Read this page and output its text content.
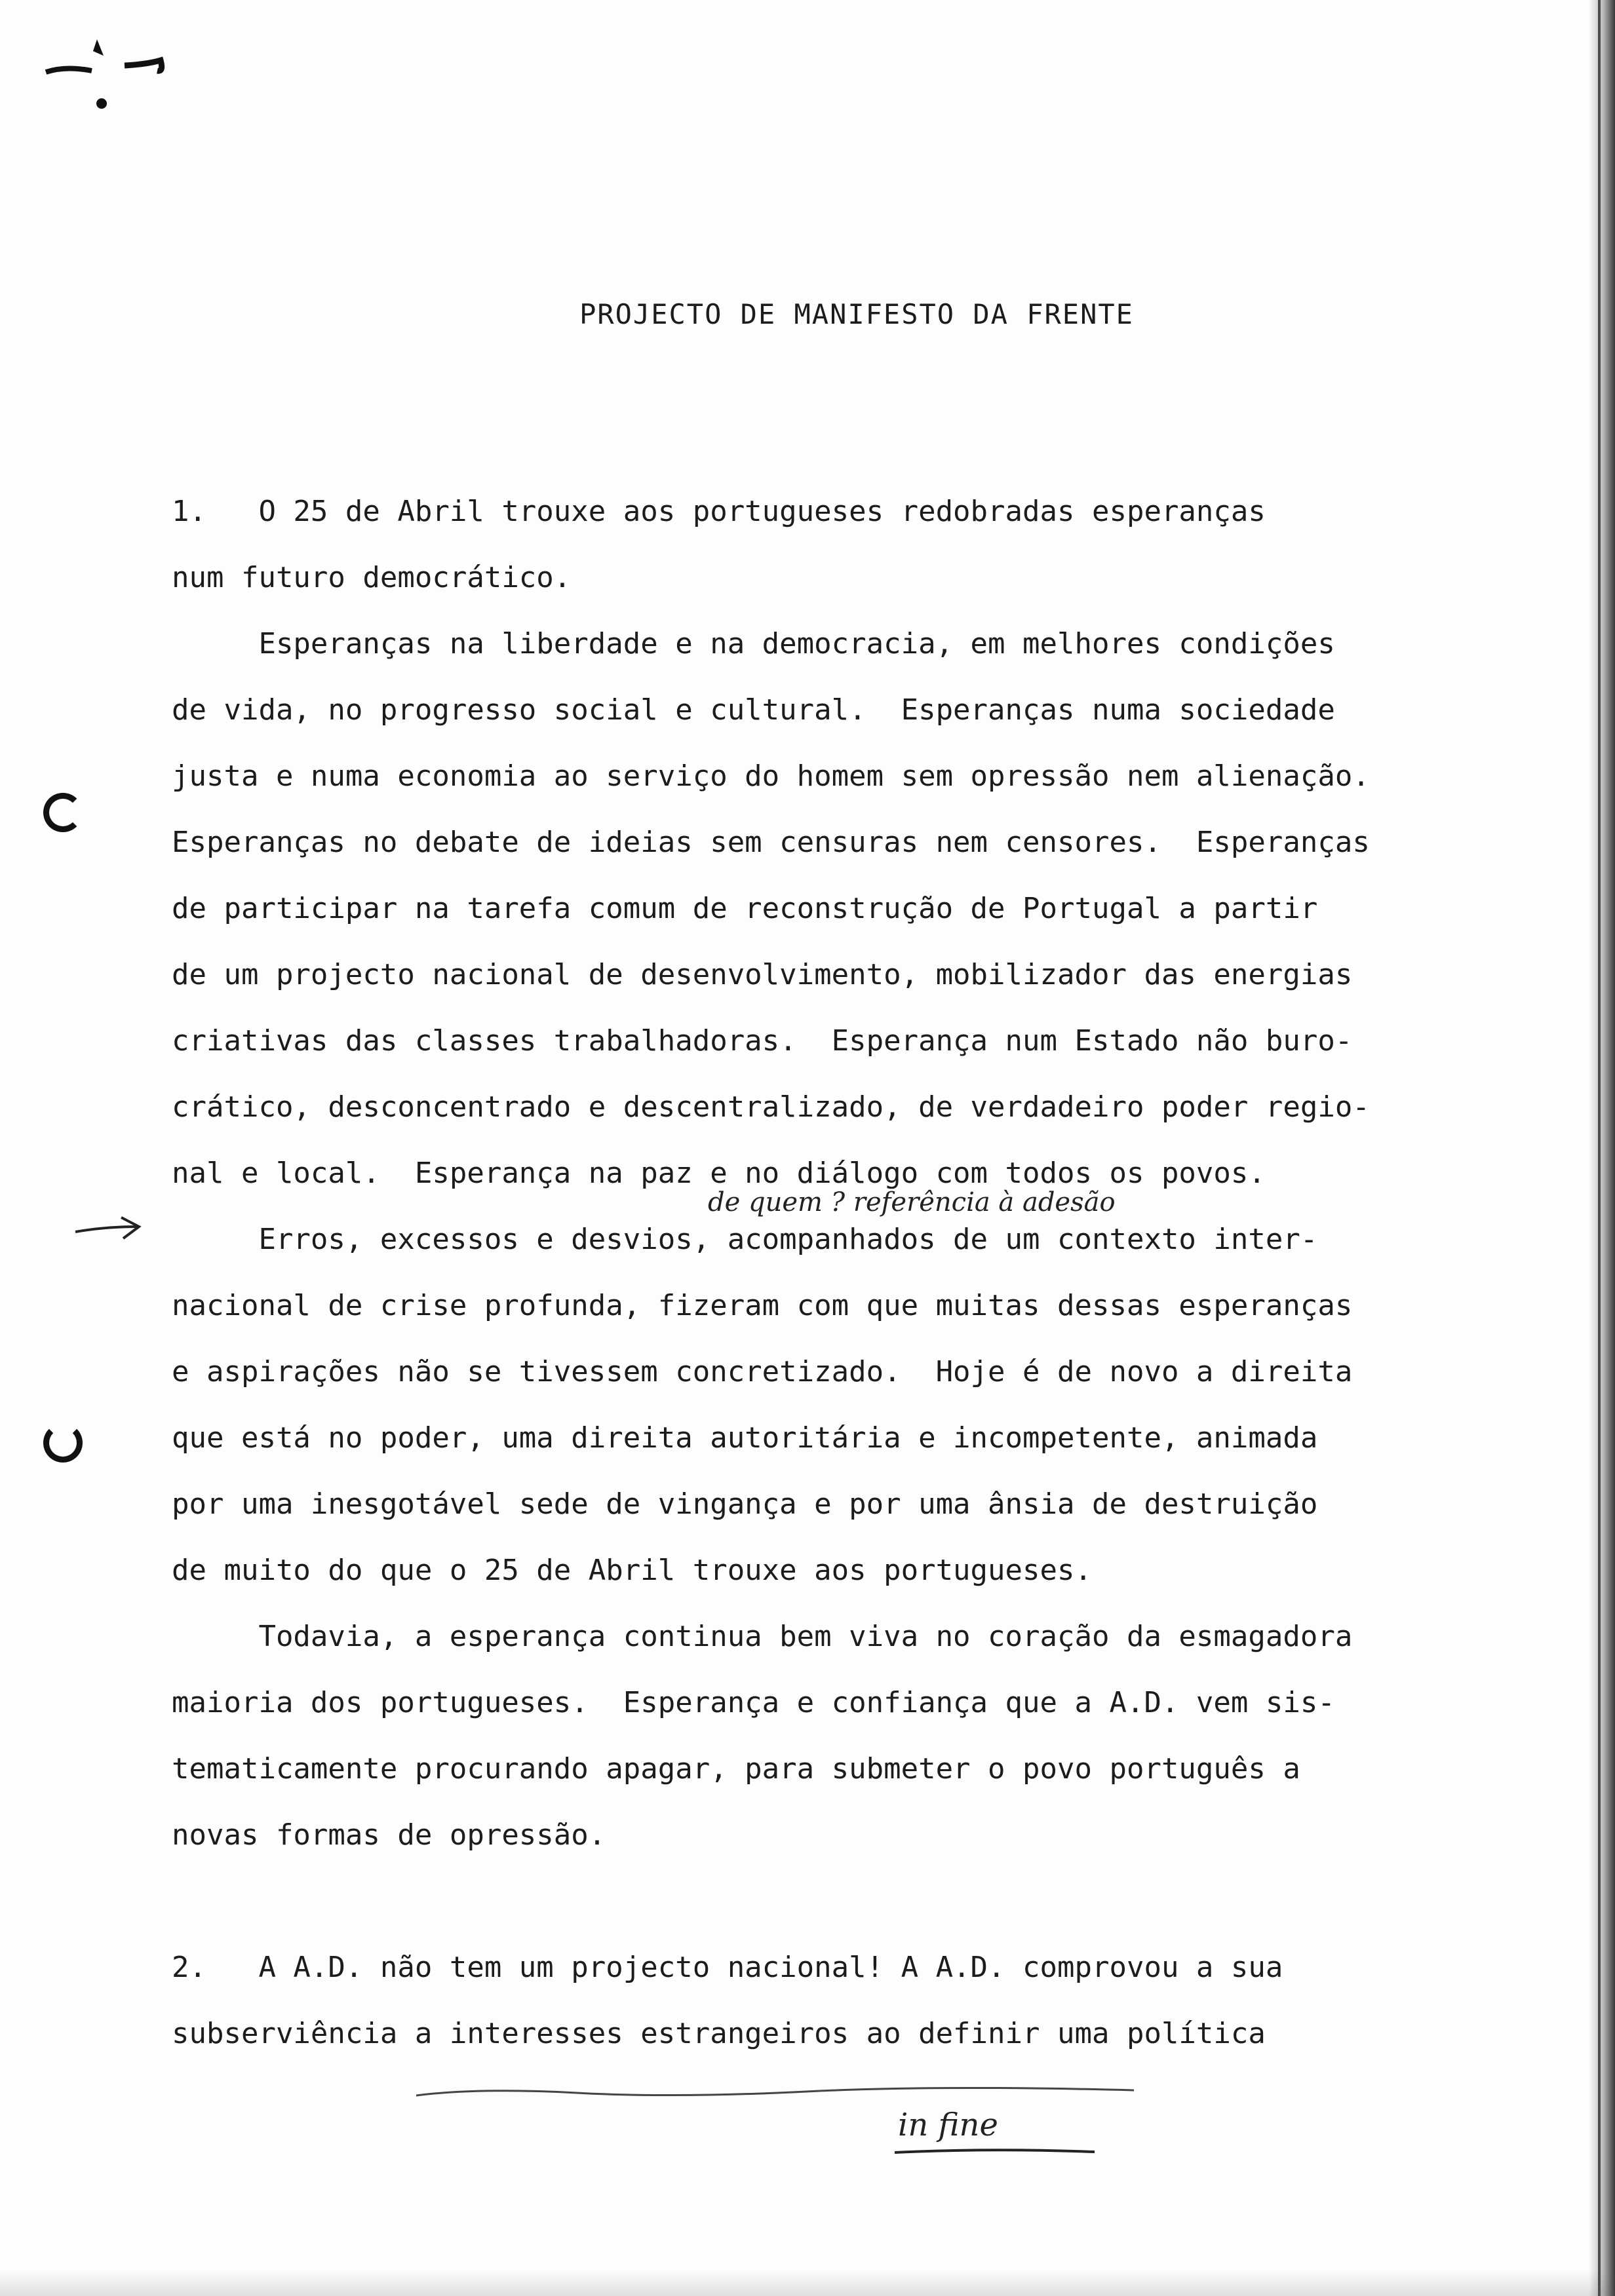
PROJECTO DE MANIFESTO DA FRENTE
1.   O 25 de Abril trouxe aos portugueses redobradas esperanças
num futuro democrático.
Esperanças na liberdade e na democracia, em melhores condições
de vida, no progresso social e cultural.  Esperanças numa sociedade
justa e numa economia ao serviço do homem sem opressão nem alienação.
Esperanças no debate de ideias sem censuras nem censores.  Esperanças
de participar na tarefa comum de reconstrução de Portugal a partir
de um projecto nacional de desenvolvimento, mobilizador das energias
criativas das classes trabalhadoras.  Esperança num Estado não buro-
crático, desconcentrado e descentralizado, de verdadeiro poder regio-
nal e local.  Esperança na paz e no diálogo com todos os povos.
Erros, excessos e desvios, acompanhados de um contexto inter-
nacional de crise profunda, fizeram com que muitas dessas esperanças
e aspirações não se tivessem concretizado.  Hoje é de novo a direita
que está no poder, uma direita autoritária e incompetente, animada
por uma inesgotável sede de vingança e por uma ânsia de destruição
de muito do que o 25 de Abril trouxe aos portugueses.
Todavia, a esperança continua bem viva no coração da esmagadora
maioria dos portugueses.  Esperança e confiança que a A.D. vem sis-
tematicamente procurando apagar, para submeter o povo português a
novas formas de opressão.
2.   A A.D. não tem um projecto nacional! A A.D. comprovou a sua
subserviência a interesses estrangeiros ao definir uma política
de quem ? referência à adesão
in fine
